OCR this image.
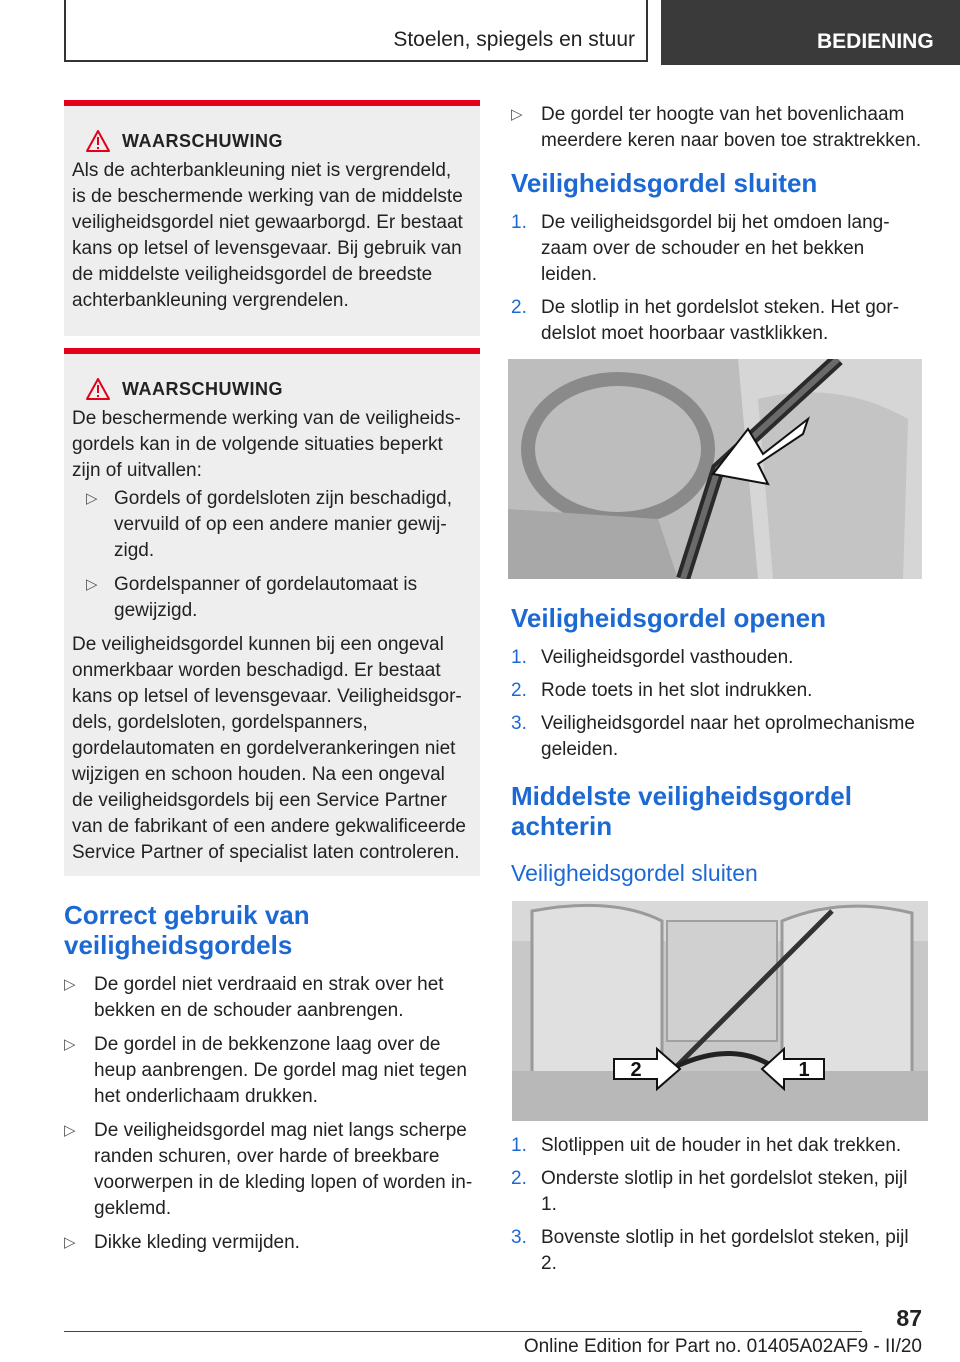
Stoelen, spiegels en stuur	BEDIENING
WAARSCHUWING

Als de achterbankleuning niet is vergrendeld, is de beschermende werking van de middelste veiligheidsgordel niet gewaarborgd. Er bestaat kans op letsel of levensgevaar. Bij gebruik van de middelste veiligheidsgordel de breedste achterbankleuning vergrendelen.

WAARSCHUWING

De beschermende werking van de veiligheidsgordels kan in de volgende situaties beperkt zijn of uitvallen:

▷ Gordels of gordelsloten zijn beschadigd, vervuild of op een andere manier gewijzigd.
▷ Gordelspanner of gordelautomaat is gewijzigd.

De veiligheidsgordel kunnen bij een ongeval onmerkbaar worden beschadigd. Er bestaat kans op letsel of levensgevaar. Veiligheidsgordels, gordelsloten, gordelspanners, gordelautomaten en gordelverankeringen niet wijzigen en schoon houden. Na een ongeval de veiligheidsgordels bij een Service Partner van de fabrikant of een andere gekwalificeerde Service Partner of specialist laten controleren.

Correct gebruik van veiligheidsgordels
▷ De gordel niet verdraaid en strak over het bekken en de schouder aanbrengen.
▷ De gordel in de bekkenzone laag over de heup aanbrengen. De gordel mag niet tegen het onderlichaam drukken.
▷ De veiligheidsgordel mag niet langs scherpe randen schuren, over harde of breekbare voorwerpen in de kleding lopen of worden ingeklemd.
▷ Dikke kleding vermijden.
▷ De gordel ter hoogte van het bovenlichaam meerdere keren naar boven toe straktrekken.
Veiligheidsgordel sluiten
1. De veiligheidsgordel bij het omdoen langzaam over de schouder en het bekken leiden.
2. De slotlip in het gordelslot steken. Het gordelslot moet hoorbaar vastklikken.
Veiligheidsgordel openen
1. Veiligheidsgordel vasthouden.
2. Rode toets in het slot indrukken.
3. Veiligheidsgordel naar het oprolmechanisme geleiden.
Middelste veiligheidsgordel achterin
Veiligheidsgordel sluiten
2	1
1. Slotlippen uit de houder in het dak trekken.
2. Onderste slotlip in het gordelslot steken, pijl 1.
3. Bovenste slotlip in het gordelslot steken, pijl 2.
87
Online Edition for Part no. 01405A02AF9 - II/20
